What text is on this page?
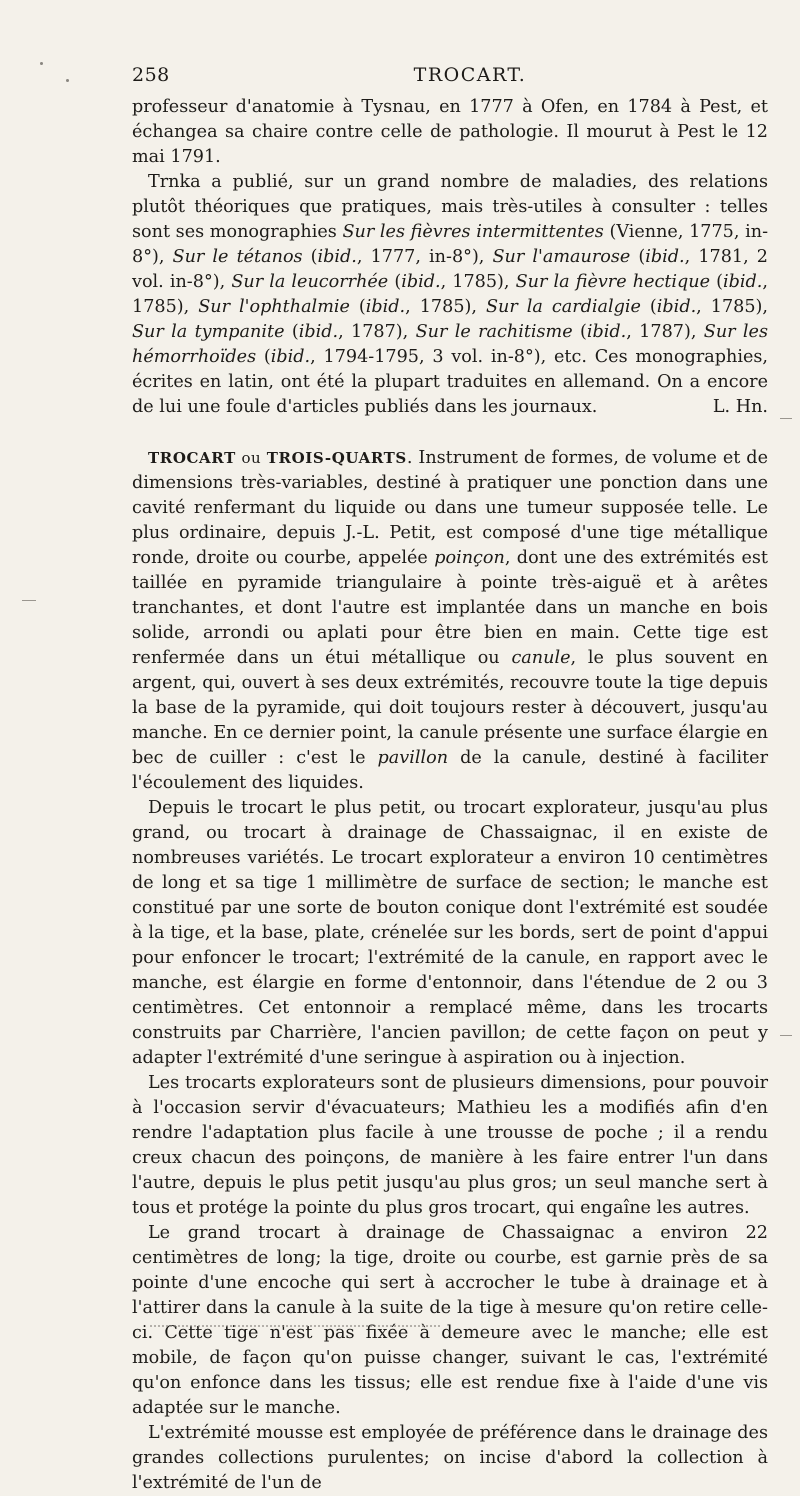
258	TROCART.

professeur d'anatomie à Tysnau, en 1777 à Ofen, en 1784 à Pest, et échangea sa chaire contre celle de pathologie. Il mourut à Pest le 12 mai 1791.

Trnka a publié, sur un grand nombre de maladies, des relations plutôt théoriques que pratiques, mais très-utiles à consulter : telles sont ses monographies Sur les fièvres intermittentes (Vienne, 1775, in-8°), Sur le tétanos (ibid., 1777, in-8°), Sur l'amaurose (ibid., 1781, 2 vol. in-8°), Sur la leucorrhée (ibid., 1785), Sur la fièvre hectique (ibid., 1785), Sur l'ophthalmie (ibid., 1785), Sur la cardialgie (ibid., 1785), Sur la tympanite (ibid., 1787), Sur le rachitisme (ibid., 1787), Sur les hémorrhoïdes (ibid., 1794-1795, 3 vol. in-8°), etc. Ces monographies, écrites en latin, ont été la plupart traduites en allemand. On a encore de lui une foule d'articles publiés dans les journaux.	L. Hn.

TROCART ou TROIS-QUARTS. Instrument de formes, de volume et de dimensions très-variables, destiné à pratiquer une ponction dans une cavité renfermant du liquide ou dans une tumeur supposée telle. Le plus ordinaire, depuis J.-L. Petit, est composé d'une tige métallique ronde, droite ou courbe, appelée poinçon, dont une des extrémités est taillée en pyramide triangulaire à pointe très-aiguë et à arêtes tranchantes, et dont l'autre est implantée dans un manche en bois solide, arrondi ou aplati pour être bien en main. Cette tige est renfermée dans un étui métallique ou canule, le plus souvent en argent, qui, ouvert à ses deux extrémités, recouvre toute la tige depuis la base de la pyramide, qui doit toujours rester à découvert, jusqu'au manche. En ce dernier point, la canule présente une surface élargie en bec de cuiller : c'est le pavillon de la canule, destiné à faciliter l'écoulement des liquides.

Depuis le trocart le plus petit, ou trocart explorateur, jusqu'au plus grand, ou trocart à drainage de Chassaignac, il en existe de nombreuses variétés. Le trocart explorateur a environ 10 centimètres de long et sa tige 1 millimètre de surface de section; le manche est constitué par une sorte de bouton conique dont l'extrémité est soudée à la tige, et la base, plate, crénelée sur les bords, sert de point d'appui pour enfoncer le trocart; l'extrémité de la canule, en rapport avec le manche, est élargie en forme d'entonnoir, dans l'étendue de 2 ou 3 centimètres. Cet entonnoir a remplacé même, dans les trocarts construits par Charrière, l'ancien pavillon; de cette façon on peut y adapter l'extrémité d'une seringue à aspiration ou à injection.

Les trocarts explorateurs sont de plusieurs dimensions, pour pouvoir à l'occasion servir d'évacuateurs; Mathieu les a modifiés afin d'en rendre l'adaptation plus facile à une trousse de poche ; il a rendu creux chacun des poinçons, de manière à les faire entrer l'un dans l'autre, depuis le plus petit jusqu'au plus gros; un seul manche sert à tous et protége la pointe du plus gros trocart, qui engaîne les autres.

Le grand trocart à drainage de Chassaignac a environ 22 centimètres de long; la tige, droite ou courbe, est garnie près de sa pointe d'une encoche qui sert à accrocher le tube à drainage et à l'attirer dans la canule à la suite de la tige à mesure qu'on retire celle-ci. Cette tige n'est pas fixée à demeure avec le manche; elle est mobile, de façon qu'on puisse changer, suivant le cas, l'extrémité qu'on enfonce dans les tissus; elle est rendue fixe à l'aide d'une vis adaptée sur le manche.

L'extrémité mousse est employée de préférence dans le drainage des grandes collections purulentes; on incise d'abord la collection à l'extrémité de l'un de
